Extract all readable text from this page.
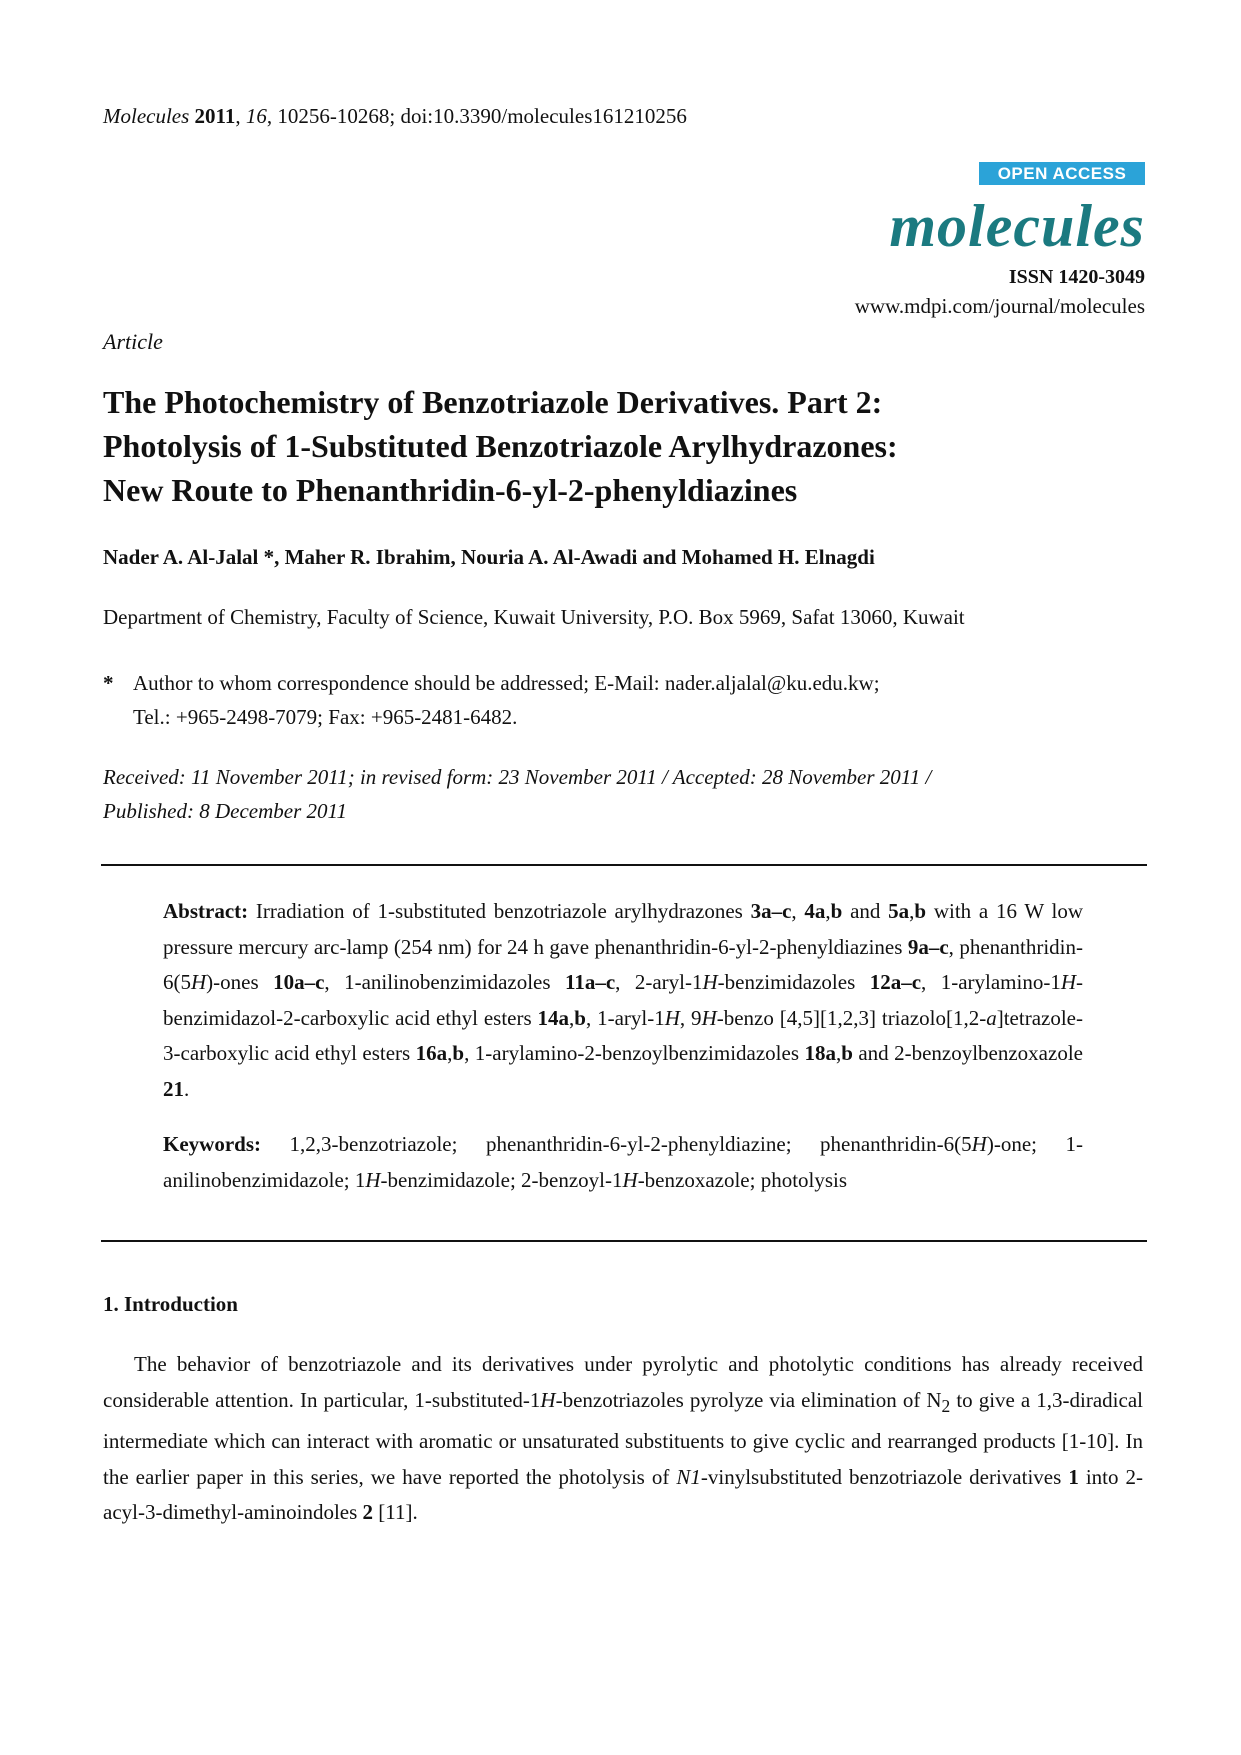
Molecules 2011, 16, 10256-10268; doi:10.3390/molecules161210256
OPEN ACCESS
molecules
ISSN 1420-3049
www.mdpi.com/journal/molecules
Article
The Photochemistry of Benzotriazole Derivatives. Part 2:
Photolysis of 1-Substituted Benzotriazole Arylhydrazones:
New Route to Phenanthridin-6-yl-2-phenyldiazines
Nader A. Al-Jalal *, Maher R. Ibrahim, Nouria A. Al-Awadi and Mohamed H. Elnagdi
Department of Chemistry, Faculty of Science, Kuwait University, P.O. Box 5969, Safat 13060, Kuwait
* Author to whom correspondence should be addressed; E-Mail: nader.aljalal@ku.edu.kw;
Tel.: +965-2498-7079; Fax: +965-2481-6482.
Received: 11 November 2011; in revised form: 23 November 2011 / Accepted: 28 November 2011 /
Published: 8 December 2011
Abstract: Irradiation of 1-substituted benzotriazole arylhydrazones 3a–c, 4a,b and 5a,b with a 16 W low pressure mercury arc-lamp (254 nm) for 24 h gave phenanthridin-6-yl-2-phenyldiazines 9a–c, phenanthridin-6(5H)-ones 10a–c, 1-anilinobenzimidazoles 11a–c, 2-aryl-1H-benzimidazoles 12a–c, 1-arylamino-1H-benzimidazol-2-carboxylic acid ethyl esters 14a,b, 1-aryl-1H, 9H-benzo [4,5][1,2,3] triazolo[1,2-a]tetrazole-3-carboxylic acid ethyl esters 16a,b, 1-arylamino-2-benzoylbenzimidazoles 18a,b and 2-benzoylbenzoxazole 21.
Keywords: 1,2,3-benzotriazole; phenanthridin-6-yl-2-phenyldiazine; phenanthridin-6(5H)-one; 1-anilinobenzimidazole; 1H-benzimidazole; 2-benzoyl-1H-benzoxazole; photolysis
1. Introduction
The behavior of benzotriazole and its derivatives under pyrolytic and photolytic conditions has already received considerable attention. In particular, 1-substituted-1H-benzotriazoles pyrolyze via elimination of $N_2$ to give a 1,3-diradical intermediate which can interact with aromatic or unsaturated substituents to give cyclic and rearranged products [1-10]. In the earlier paper in this series, we have reported the photolysis of N1-vinylsubstituted benzotriazole derivatives 1 into 2-acyl-3-dimethyl-aminoindoles 2 [11].
